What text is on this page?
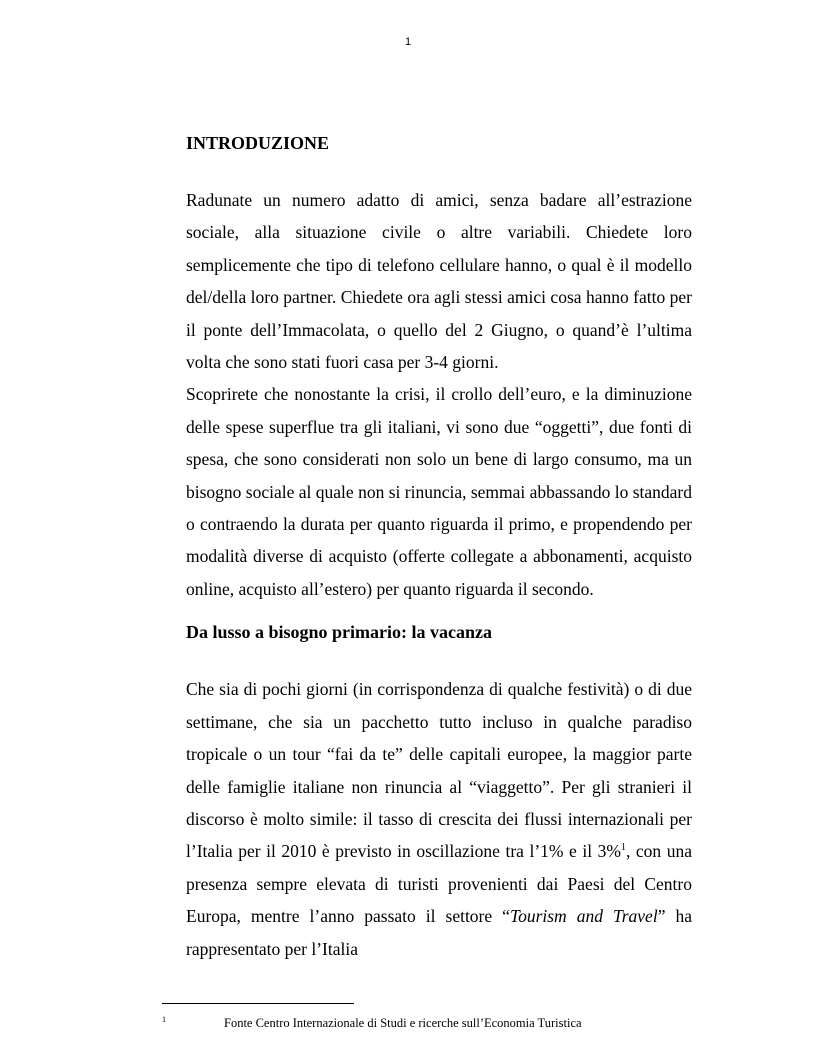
1
INTRODUZIONE

Radunate un numero adatto di amici, senza badare all’estrazione sociale, alla situazione civile o altre variabili. Chiedete loro semplicemente che tipo di telefono cellulare hanno, o qual è il modello del/della loro partner. Chiedete ora agli stessi amici cosa hanno fatto per il ponte dell’Immacolata, o quello del 2 Giugno, o quand’è l’ultima volta che sono stati fuori casa per 3-4 giorni.

Scoprirete che nonostante la crisi, il crollo dell’euro, e la diminuzione delle spese superflue tra gli italiani, vi sono due “oggetti”, due fonti di spesa, che sono considerati non solo un bene di largo consumo, ma un bisogno sociale al quale non si rinuncia, semmai abbassando lo standard o contraendo la durata per quanto riguarda il primo, e propendendo per modalità diverse di acquisto (offerte collegate a abbonamenti, acquisto online, acquisto all’estero) per quanto riguarda il secondo.

Da lusso a bisogno primario: la vacanza

Che sia di pochi giorni (in corrispondenza di qualche festività) o di due settimane, che sia un pacchetto tutto incluso in qualche paradiso tropicale o un tour “fai da te” delle capitali europee, la maggior parte delle famiglie italiane non rinuncia al “viaggetto”. Per gli stranieri il discorso è molto simile: il tasso di crescita dei flussi internazionali per l’Italia per il 2010 è previsto in oscillazione tra l’1% e il 3%$^1$, con una presenza sempre elevata di turisti provenienti dai Paesi del Centro Europa, mentre l’anno passato il settore “Tourism and Travel” ha rappresentato per l’Italia

1	Fonte Centro Internazionale di Studi e ricerche sull’Economia Turistica
